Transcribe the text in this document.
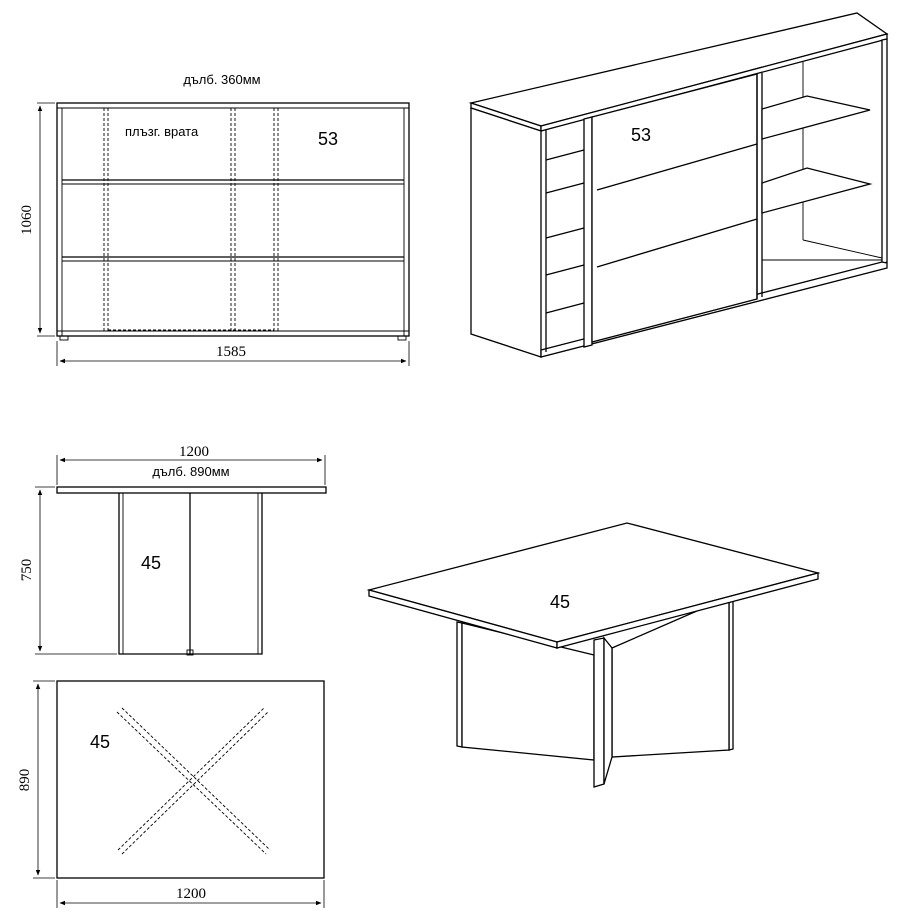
дълб. 360мм
плъзг. врата	53
1060
1585
53
1200
дълб. 890мм
45
750
45
890
1200
45
